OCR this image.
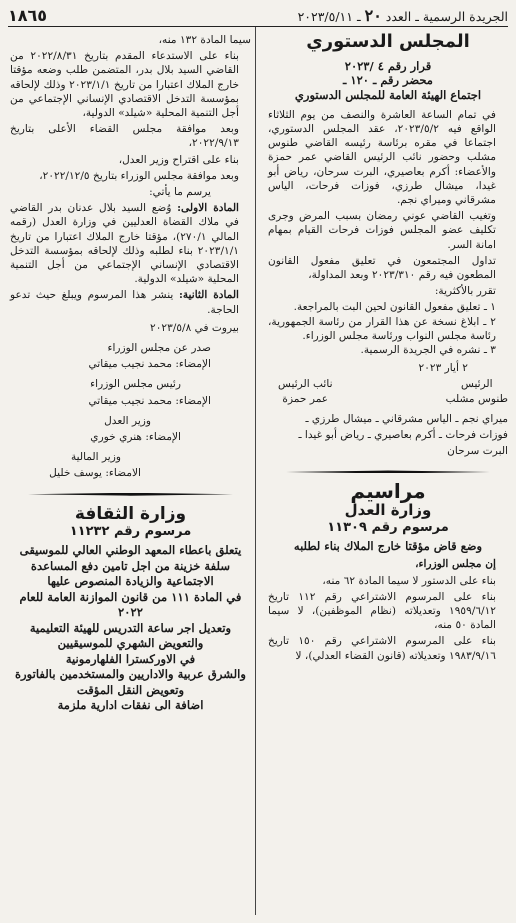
الجريدة الرسمية ـ العدد ٢٠ ـ ٢٠٢٣/٥/١١
١٨٦٥
المجلس الدستوري
قرار رقم ٤ /٢٠٢٣
محضر رقم ـ ١٢٠ ـ
اجتماع الهيئة العامة للمجلس الدستوري

في تمام الساعة العاشرة والنصف من يوم الثلاثاء الواقع فيه ٢٠٢٣/٥/٢، عقد المجلس الدستوري، اجتماعا في مقره برئاسة رئيسه القاضي طنوس مشلب وحضور نائب الرئيس القاضي عمر حمزة والأعضاء: أكرم بعاصيري، البرت سرحان، رياض أبو غيدا، ميشال طرزي، فوزات فرحات، الياس مشرقاني وميراي نجم.

وتغيب القاضي عوني رمضان بسبب المرض وجرى تكليف عضو المجلس فوزات فرحات القيام بمهام امانة السر.

تداول المجتمعون في تعليق مفعول القانون المطعون فيه رقم ٢٠٢٣/٣١٠ وبعد المداولة،

تقرر بالأكثرية:

١ ـ تعليق مفعول القانون لحين البت بالمراجعة.

٢ ـ ابلاغ نسخة عن هذا القرار من رئاسة الجمهورية، رئاسة مجلس النواب ورئاسة مجلس الوزراء.

٣ ـ نشره في الجريدة الرسمية.

٢ أيار ٢٠٢٣

الرئيس
طنوس مشلب
نائب الرئيس
عمر حمزة

ميراي نجم ـ الياس مشرقاني ـ ميشال طرزي ـ

فوزات فرحات ـ أكرم بعاصيري ـ رياض أبو غيدا ـ

البرت سرحان

مراسيم
وزارة العدل
مرسوم رقم ١١٣٠٩
وضع قاض مؤقتا خارج الملاك بناء لطلبه

إن مجلس الوزراء،

بناء على الدستور لا سيما المادة ٦٢ منه،

بناء على المرسوم الاشتراعي رقم ١١٢ تاريخ ١٩٥٩/٦/١٢ وتعديلاته (نظام الموظفين)، لا سيما المادة ٥٠ منه،

بناء على المرسوم الاشتراعي رقم ١٥٠ تاريخ ١٩٨٣/٩/١٦ وتعديلاته (قانون القضاء العدلي)، لا

سيما المادة ١٣٢ منه،

بناء على الاستدعاء المقدم بتاريخ ٢٠٢٢/٨/٣١ من القاضي السيد بلال بدر، المتضمن طلب وضعه مؤقتا خارج الملاك اعتبارا من تاريخ ٢٠٢٣/١/١ وذلك لإلحاقه بمؤسسة التدخل الاقتصادي الإنساني الإجتماعي من أجل التنمية المحلية «شيلد» الدولية،

وبعد موافقة مجلس القضاء الأعلى بتاريخ ٢٠٢٢/٩/١٣،

بناء على اقتراح وزير العدل،

وبعد موافقة مجلس الوزراء بتاريخ ٢٠٢٢/١٢/٥،

يرسم ما يأتي:

المادة الاولى: وُضع السيد بلال عدنان بدر القاضي في ملاك القضاة العدليين في وزارة العدل (رقمه المالي ٢٧٠/١)، مؤقتا خارج الملاك اعتبارا من تاريخ ٢٠٢٣/١/١ بناء لطلبه وذلك لإلحاقه بمؤسسة التدخل الاقتصادي الإنساني الإجتماعي من أجل التنمية المحلية «شيلد» الدولية.

المادة الثانية: ينشر هذا المرسوم ويبلغ حيث تدعو الحاجة.

بيروت في ٢٠٢٣/٥/٨

صدر عن مجلس الوزراء

الإمضاء: محمد نجيب ميقاتي

رئيس مجلس الوزراء

الإمضاء: محمد نجيب ميقاتي

وزير العدل

الإمضاء: هنري خوري

وزير المالية

الامضاء: يوسف خليل

وزارة الثقافة
مرسوم رقم ١١٢٣٢
يتعلق باعطاء المعهد الوطني العالي للموسيقى
سلفة خزينة من اجل تامين دفع المساعدة
الاجتماعية والزيادة المنصوص عليها
في المادة ١١١ من قانون الموازنة العامة للعام ٢٠٢٢
وتعديل اجر ساعة التدريس للهيئة التعليمية
والتعويض الشهري للموسيقيين
في الاوركسترا الفلهارمونية
والشرق عربية والاداريين والمستخدمين بالفاتورة
وتعويض النقل المؤقت
اضافة الى نفقات ادارية ملزمة
